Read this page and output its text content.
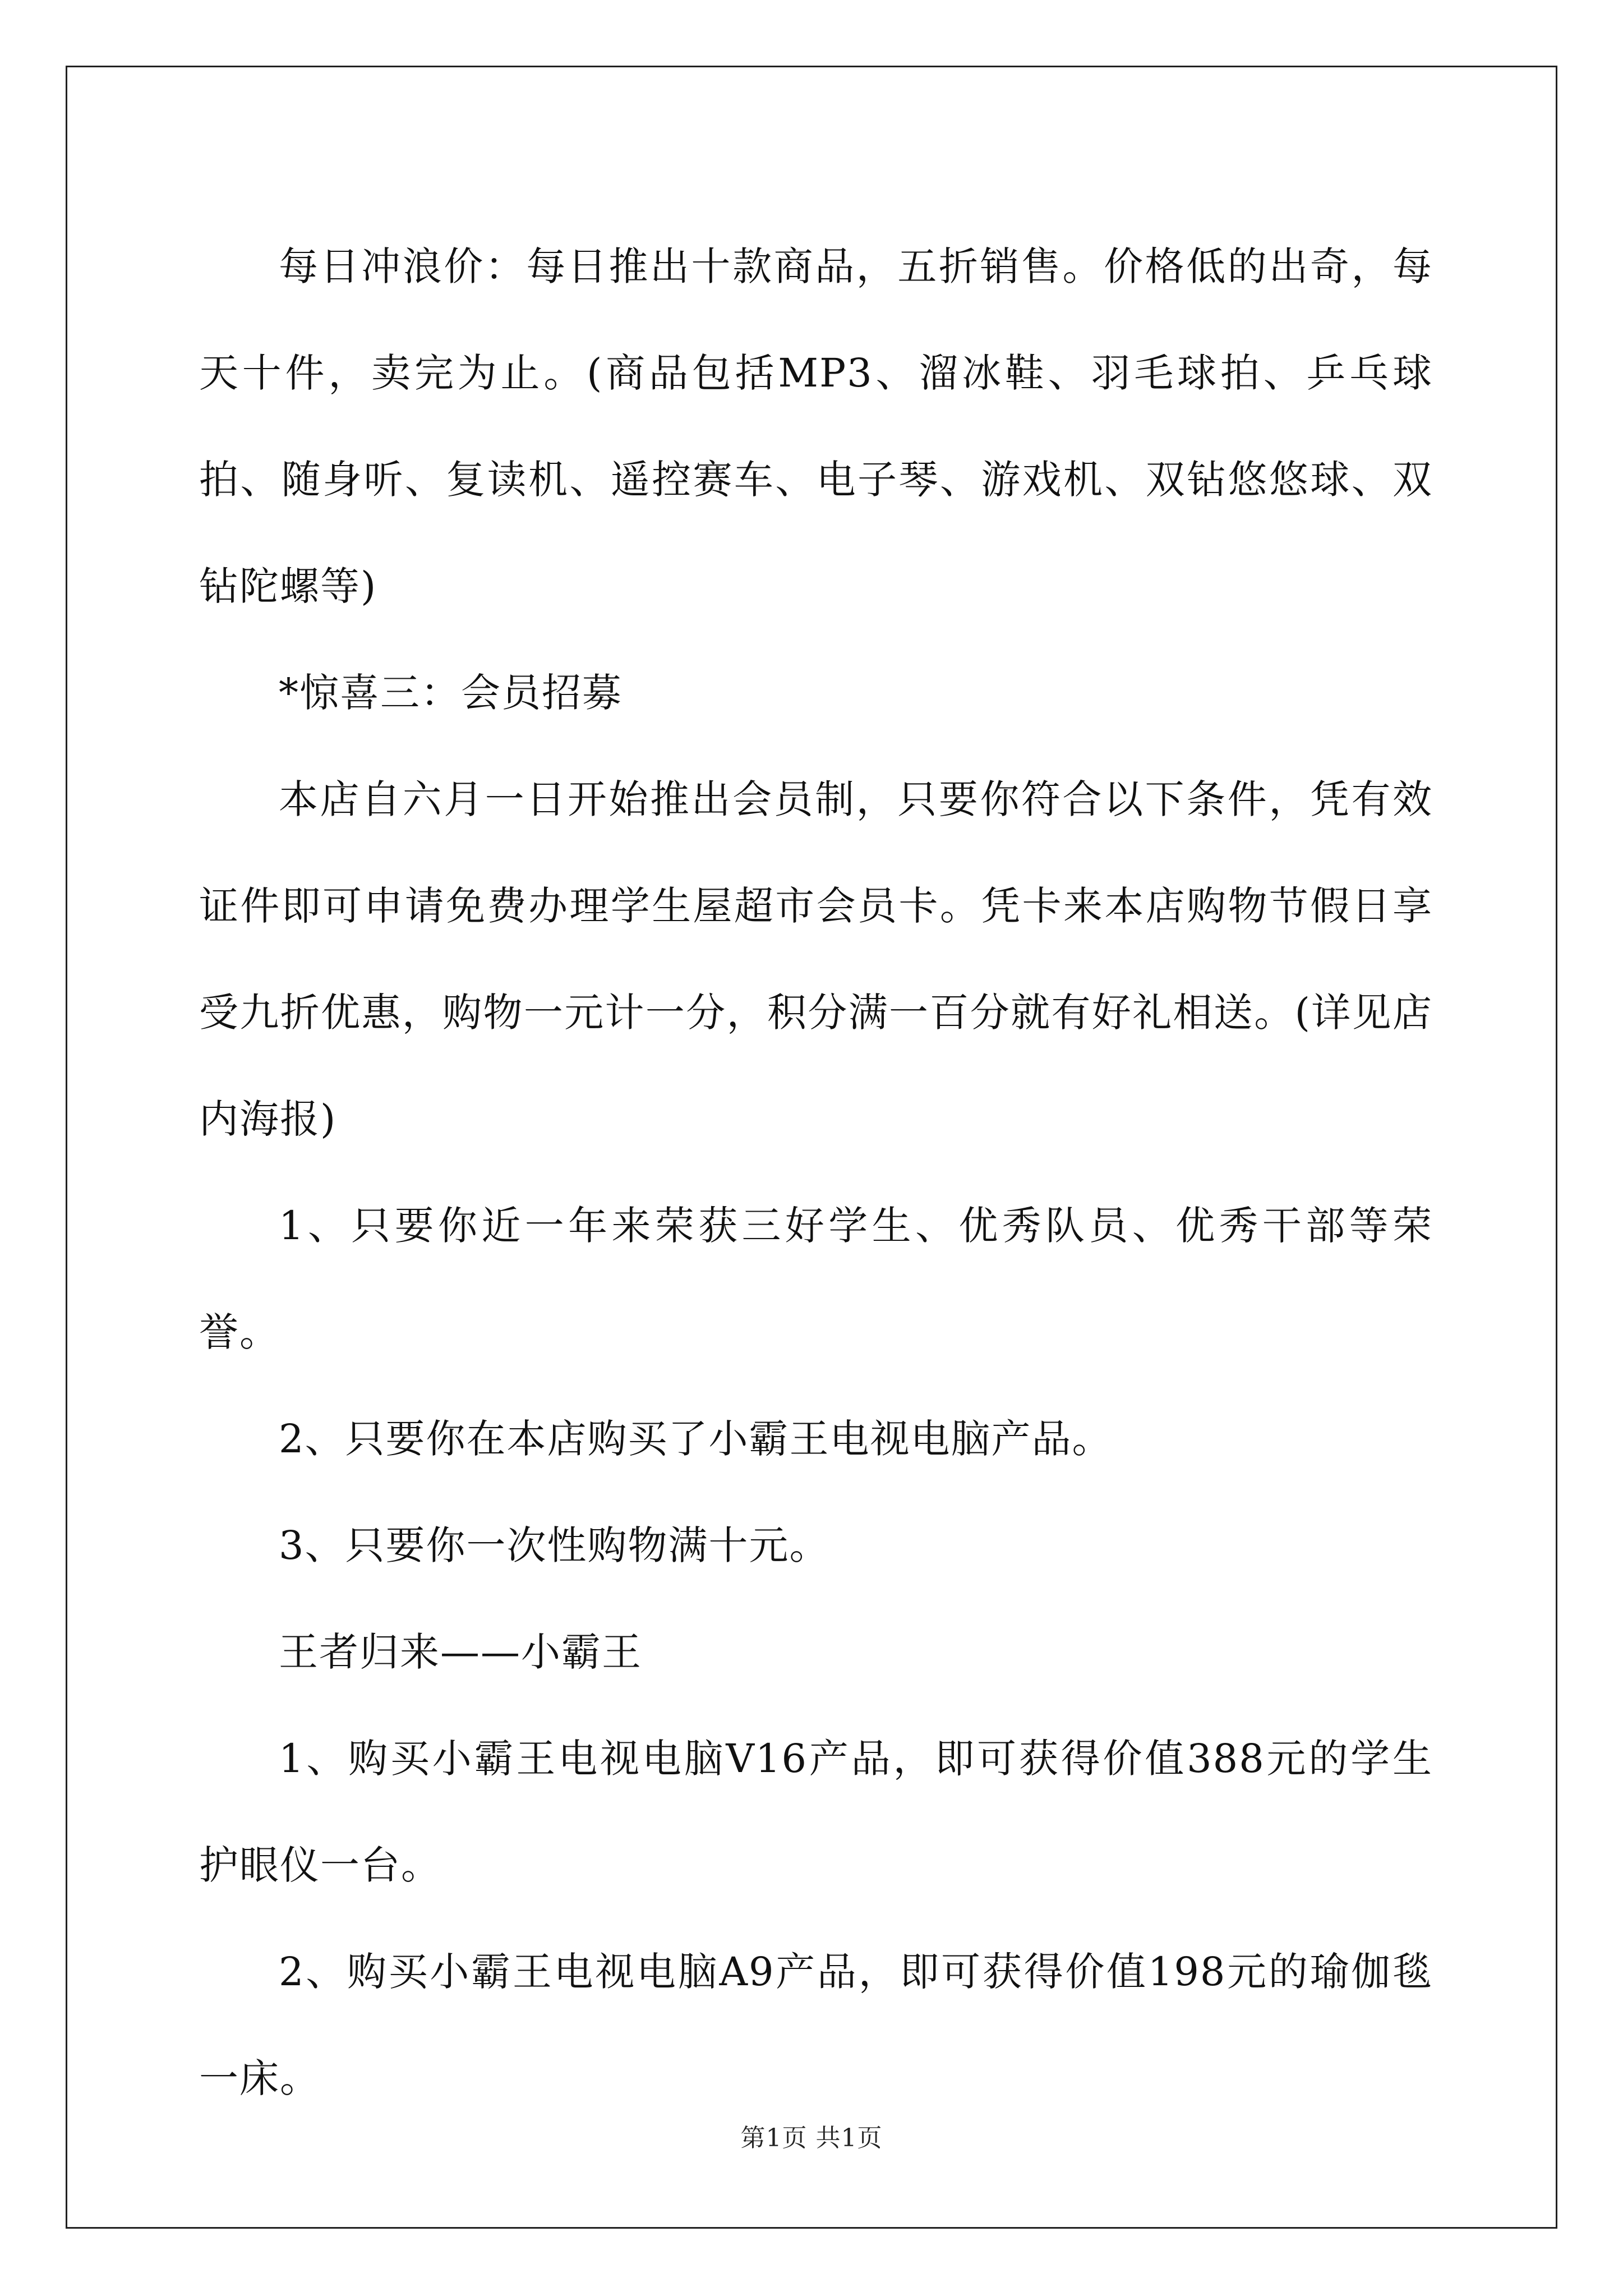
每日冲浪价：每日推出十款商品，五折销售。价格低的出奇，每天十件，卖完为止。(商品包括MP3、溜冰鞋、羽毛球拍、乒乓球拍、随身听、复读机、遥控赛车、电子琴、游戏机、双钻悠悠球、双钻陀螺等)

*惊喜三：会员招募

本店自六月一日开始推出会员制，只要你符合以下条件，凭有效证件即可申请免费办理学生屋超市会员卡。凭卡来本店购物节假日享受九折优惠，购物一元计一分，积分满一百分就有好礼相送。(详见店内海报)

1、只要你近一年来荣获三好学生、优秀队员、优秀干部等荣誉。

2、只要你在本店购买了小霸王电视电脑产品。

3、只要你一次性购物满十元。

王者归来——小霸王

1、购买小霸王电视电脑V16产品，即可获得价值388元的学生护眼仪一台。

2、购买小霸王电视电脑A9产品，即可获得价值198元的瑜伽毯一床。

第1页 共1页
